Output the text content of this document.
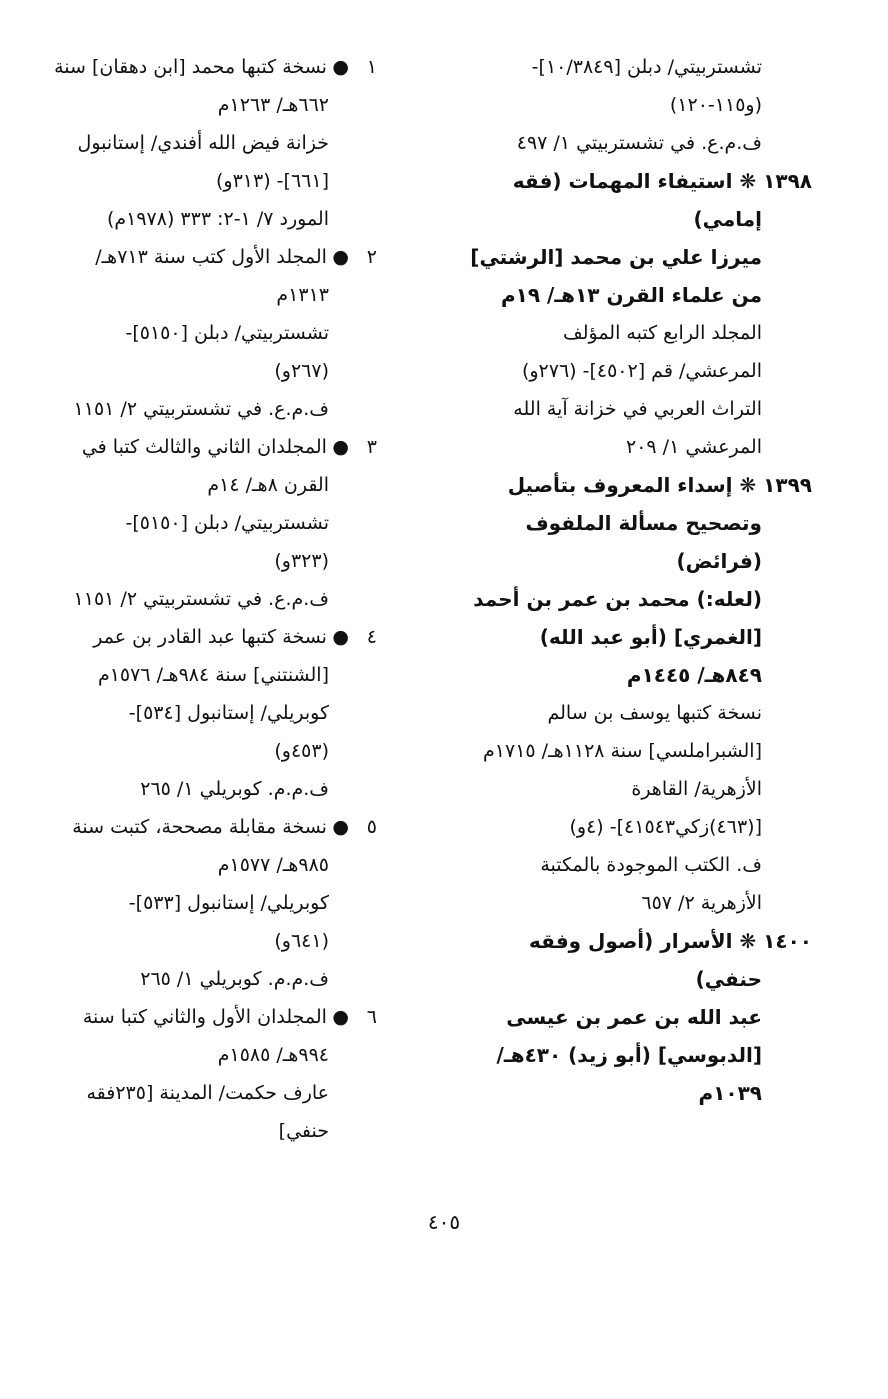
تشستربيتي/ دبلن [١٠/٣٨٤٩]-
(و١١٥-١٢٠)
ف.م.ع. في تشستربيتي ١/ ٤٩٧
١٣٩٨ ❋ استيفاء المهمات (فقه
إمامي)
ميرزا علي بن محمد [الرشتي]
من علماء القرن ١٣هـ/ ١٩م
المجلد الرابع كتبه المؤلف
المرعشي/ قم [٤٥٠٢]- (٢٧٦و)
التراث العربي في خزانة آية الله
المرعشي ١/ ٢٠٩
١٣٩٩ ❋ إسداء المعروف بتأصيل
وتصحيح مسألة الملفوف
(فرائض)
(لعله:) محمد بن عمر بن أحمد
[الغمري] (أبو عبد الله)
٨٤٩هـ/ ١٤٤٥م
نسخة كتبها يوسف بن سالم
[الشبراملسي] سنة ١١٢٨هـ/ ١٧١٥م
الأزهرية/ القاهرة
[(٤٦٣)زكي٤١٥٤٣]- (٤و)
ف. الكتب الموجودة بالمكتبة
الأزهرية ٢/ ٦٥٧
١٤٠٠ ❋ الأسرار (أصول وفقه
حنفي)
عبد الله بن عمر بن عيسى
[الدبوسي] (أبو زيد) ٤٣٠هـ/
١٠٣٩م
١● نسخة كتبها محمد [ابن دهقان] سنة
٦٦٢هـ/ ١٢٦٣م
خزانة فيض الله أفندي/ إستانبول
[٦٦١]- (٣١٣و)
المورد ٧/ ١-٢: ٣٣٣ (١٩٧٨م)
٢● المجلد الأول كتب سنة ٧١٣هـ/
١٣١٣م
تشستربيتي/ دبلن [٥١٥٠]-
(٢٦٧و)
ف.م.ع. في تشستربيتي ٢/ ١١٥١
٣● المجلدان الثاني والثالث كتبا في
القرن ٨هـ/ ١٤م
تشستربيتي/ دبلن [٥١٥٠]-
(٣٢٣و)
ف.م.ع. في تشستربيتي ٢/ ١١٥١
٤● نسخة كتبها عبد القادر بن عمر
[الشنتني] سنة ٩٨٤هـ/ ١٥٧٦م
كوبريلي/ إستانبول [٥٣٤]-
(٤٥٣و)
ف.م.م. كوبريلي ١/ ٢٦٥
٥● نسخة مقابلة مصححة، كتبت سنة
٩٨٥هـ/ ١٥٧٧م
كوبريلي/ إستانبول [٥٣٣]-
(٦٤١و)
ف.م.م. كوبريلي ١/ ٢٦٥
٦● المجلدان الأول والثاني كتبا سنة
٩٩٤هـ/ ١٥٨٥م
عارف حكمت/ المدينة [٢٣٥فقه
حنفي]
٤٠٥
